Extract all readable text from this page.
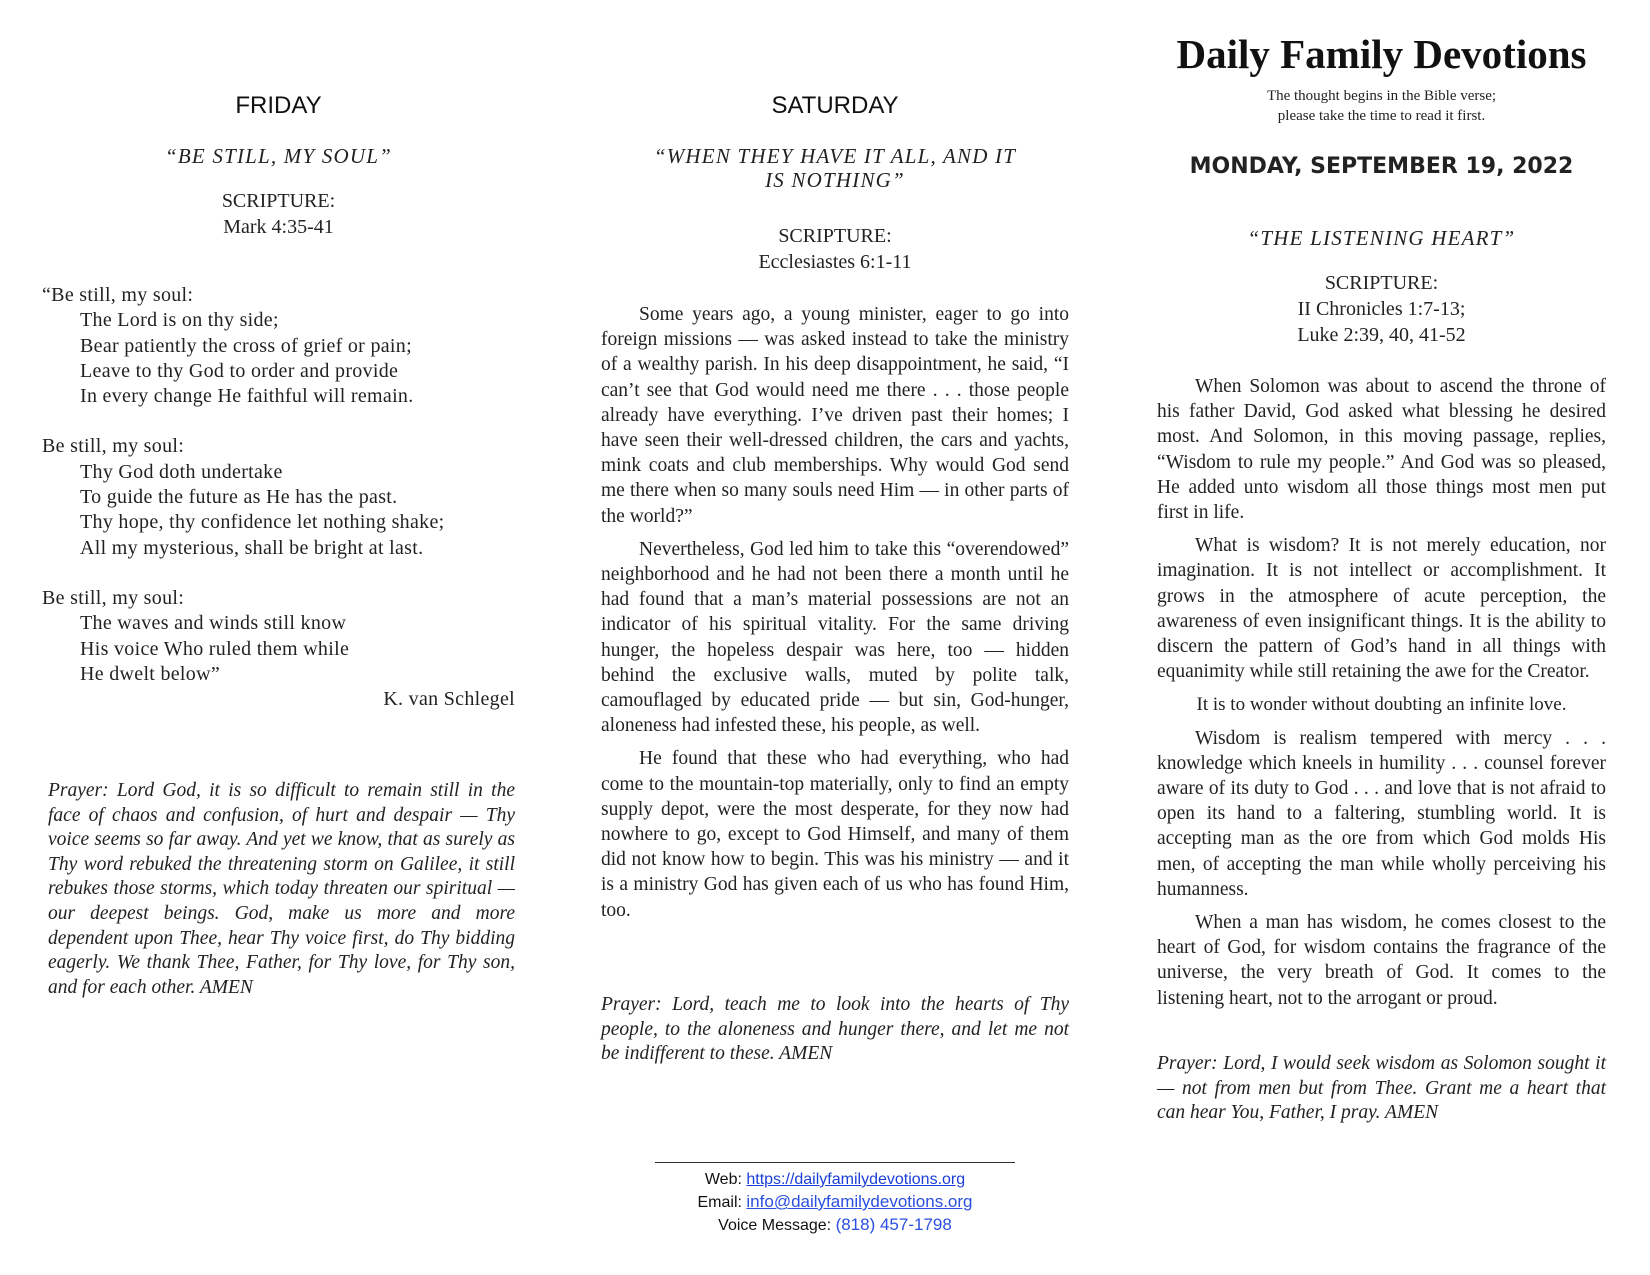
FRIDAY
“BE STILL, MY SOUL”
SCRIPTURE:
Mark 4:35-41
“Be still, my soul:
The Lord is on thy side;
Bear patiently the cross of grief or pain;
Leave to thy God to order and provide
In every change He faithful will remain.
Be still, my soul:
Thy God doth undertake
To guide the future as He has the past.
Thy hope, thy confidence let nothing shake;
All my mysterious, shall be bright at last.
Be still, my soul:
The waves and winds still know
His voice Who ruled them while
He dwelt below”
K. van Schlegel
Prayer: Lord God, it is so difficult to remain still in the face of chaos and confusion, of hurt and despair — Thy voice seems so far away. And yet we know, that as surely as Thy word rebuked the threatening storm on Galilee, it still rebukes those storms, which today threaten our spiritual — our deepest beings. God, make us more and more dependent upon Thee, hear Thy voice first, do Thy bidding eagerly. We thank Thee, Father, for Thy love, for Thy son, and for each other. AMEN
SATURDAY
“WHEN THEY HAVE IT ALL, AND IT
IS NOTHING”
SCRIPTURE:
Ecclesiastes 6:1-11

Some years ago, a young minister, eager to go into foreign missions — was asked instead to take the ministry of a wealthy parish. In his deep disappointment, he said, “I can’t see that God would need me there . . . those people already have everything. I’ve driven past their homes; I have seen their well-dressed children, the cars and yachts, mink coats and club memberships. Why would God send me there when so many souls need Him — in other parts of the world?”

Nevertheless, God led him to take this “overendowed” neighborhood and he had not been there a month until he had found that a man’s material possessions are not an indicator of his spiritual vitality. For the same driving hunger, the hopeless despair was here, too — hidden behind the exclusive walls, muted by polite talk, camouflaged by educated pride — but sin, God-hunger, aloneness had infested these, his people, as well.

He found that these who had everything, who had come to the mountain-top materially, only to find an empty supply depot, were the most desperate, for they now had nowhere to go, except to God Himself, and many of them did not know how to begin. This was his ministry — and it is a ministry God has given each of us who has found Him, too.

Prayer: Lord, teach me to look into the hearts of Thy people, to the aloneness and hunger there, and let me not be indifferent to these. AMEN
Daily Family Devotions
The thought begins in the Bible verse;
please take the time to read it first.
MONDAY, SEPTEMBER 19, 2022
“THE LISTENING HEART”
SCRIPTURE:
II Chronicles 1:7-13;
Luke 2:39, 40, 41-52

When Solomon was about to ascend the throne of his father David, God asked what blessing he desired most. And Solomon, in this moving passage, replies, “Wisdom to rule my people.” And God was so pleased, He added unto wisdom all those things most men put first in life.

What is wisdom? It is not merely education, nor imagination. It is not intellect or accomplishment. It grows in the atmosphere of acute perception, the awareness of even insignificant things. It is the ability to discern the pattern of God’s hand in all things with equanimity while still retaining the awe for the Creator.

It is to wonder without doubting an infinite love.

Wisdom is realism tempered with mercy . . . knowledge which kneels in humility . . . counsel forever aware of its duty to God . . . and love that is not afraid to open its hand to a faltering, stumbling world. It is accepting man as the ore from which God molds His men, of accepting the man while wholly perceiving his humanness.

When a man has wisdom, he comes closest to the heart of God, for wisdom contains the fragrance of the universe, the very breath of God. It comes to the listening heart, not to the arrogant or proud.

Prayer: Lord, I would seek wisdom as Solomon sought it — not from men but from Thee. Grant me a heart that can hear You, Father, I pray. AMEN
Web: https://dailyfamilydevotions.org
Email: info@dailyfamilydevotions.org
Voice Message: (818) 457-1798
